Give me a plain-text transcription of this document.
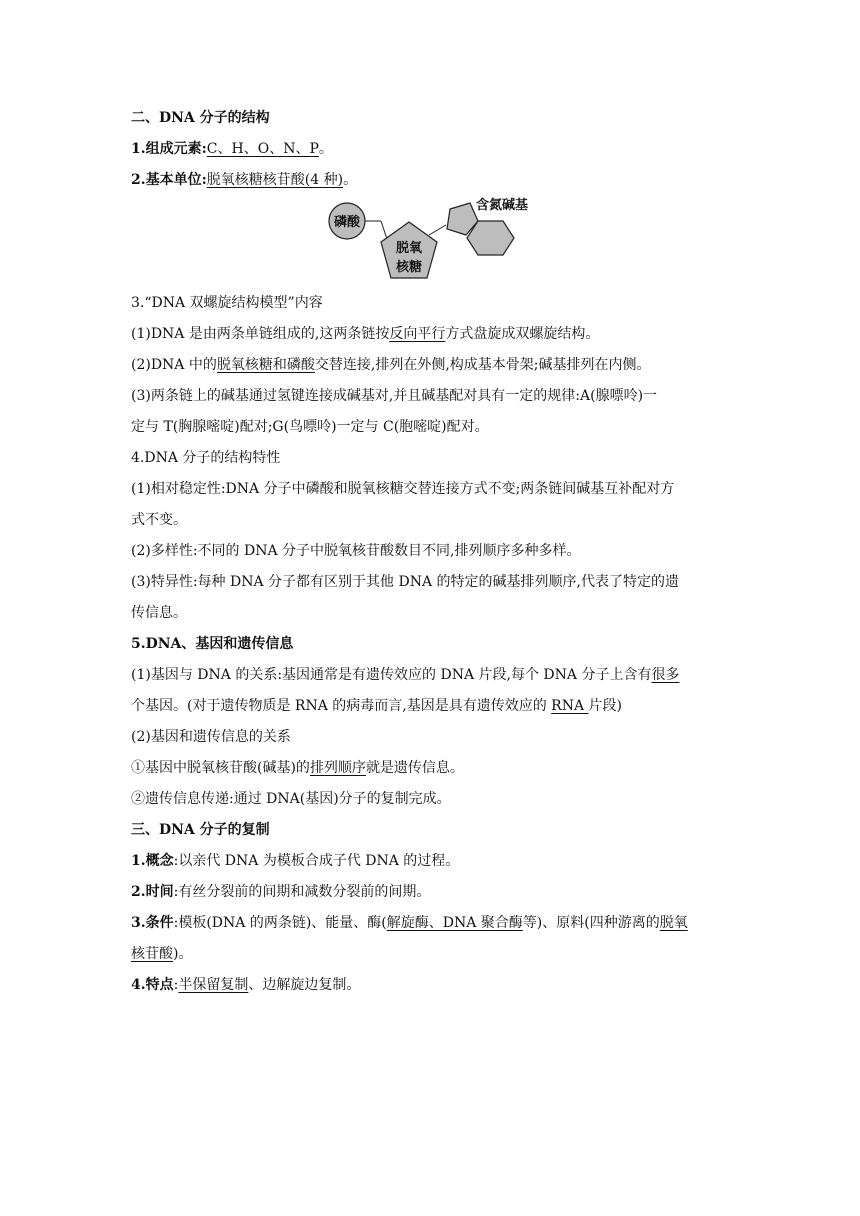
二、DNA 分子的结构
1.组成元素:C、H、O、N、P。
2.基本单位:脱氧核糖核苷酸(4 种)。
磷酸
脱氧
核糖
含氮碱基
3.“DNA 双螺旋结构模型”内容
(1)DNA 是由两条单链组成的,这两条链按反向平行方式盘旋成双螺旋结构。
(2)DNA 中的脱氧核糖和磷酸交替连接,排列在外侧,构成基本骨架;碱基排列在内侧。
(3)两条链上的碱基通过氢键连接成碱基对,并且碱基配对具有一定的规律:A(腺嘌呤)一
定与 T(胸腺嘧啶)配对;G(鸟嘌呤)一定与 C(胞嘧啶)配对。
4.DNA 分子的结构特性
(1)相对稳定性:DNA 分子中磷酸和脱氧核糖交替连接方式不变;两条链间碱基互补配对方
式不变。
(2)多样性:不同的 DNA 分子中脱氧核苷酸数目不同,排列顺序多种多样。
(3)特异性:每种 DNA 分子都有区别于其他 DNA 的特定的碱基排列顺序,代表了特定的遗
传信息。
5.DNA、基因和遗传信息
(1)基因与 DNA 的关系:基因通常是有遗传效应的 DNA 片段,每个 DNA 分子上含有很多
个基因。(对于遗传物质是 RNA 的病毒而言,基因是具有遗传效应的 RNA 片段)
(2)基因和遗传信息的关系
①基因中脱氧核苷酸(碱基)的排列顺序就是遗传信息。
②遗传信息传递:通过 DNA(基因)分子的复制完成。
三、DNA 分子的复制
1.概念:以亲代 DNA 为模板合成子代 DNA 的过程。
2.时间:有丝分裂前的间期和减数分裂前的间期。
3.条件:模板(DNA 的两条链)、能量、酶(解旋酶、DNA 聚合酶等)、原料(四种游离的脱氧
核苷酸)。
4.特点:半保留复制、边解旋边复制。
